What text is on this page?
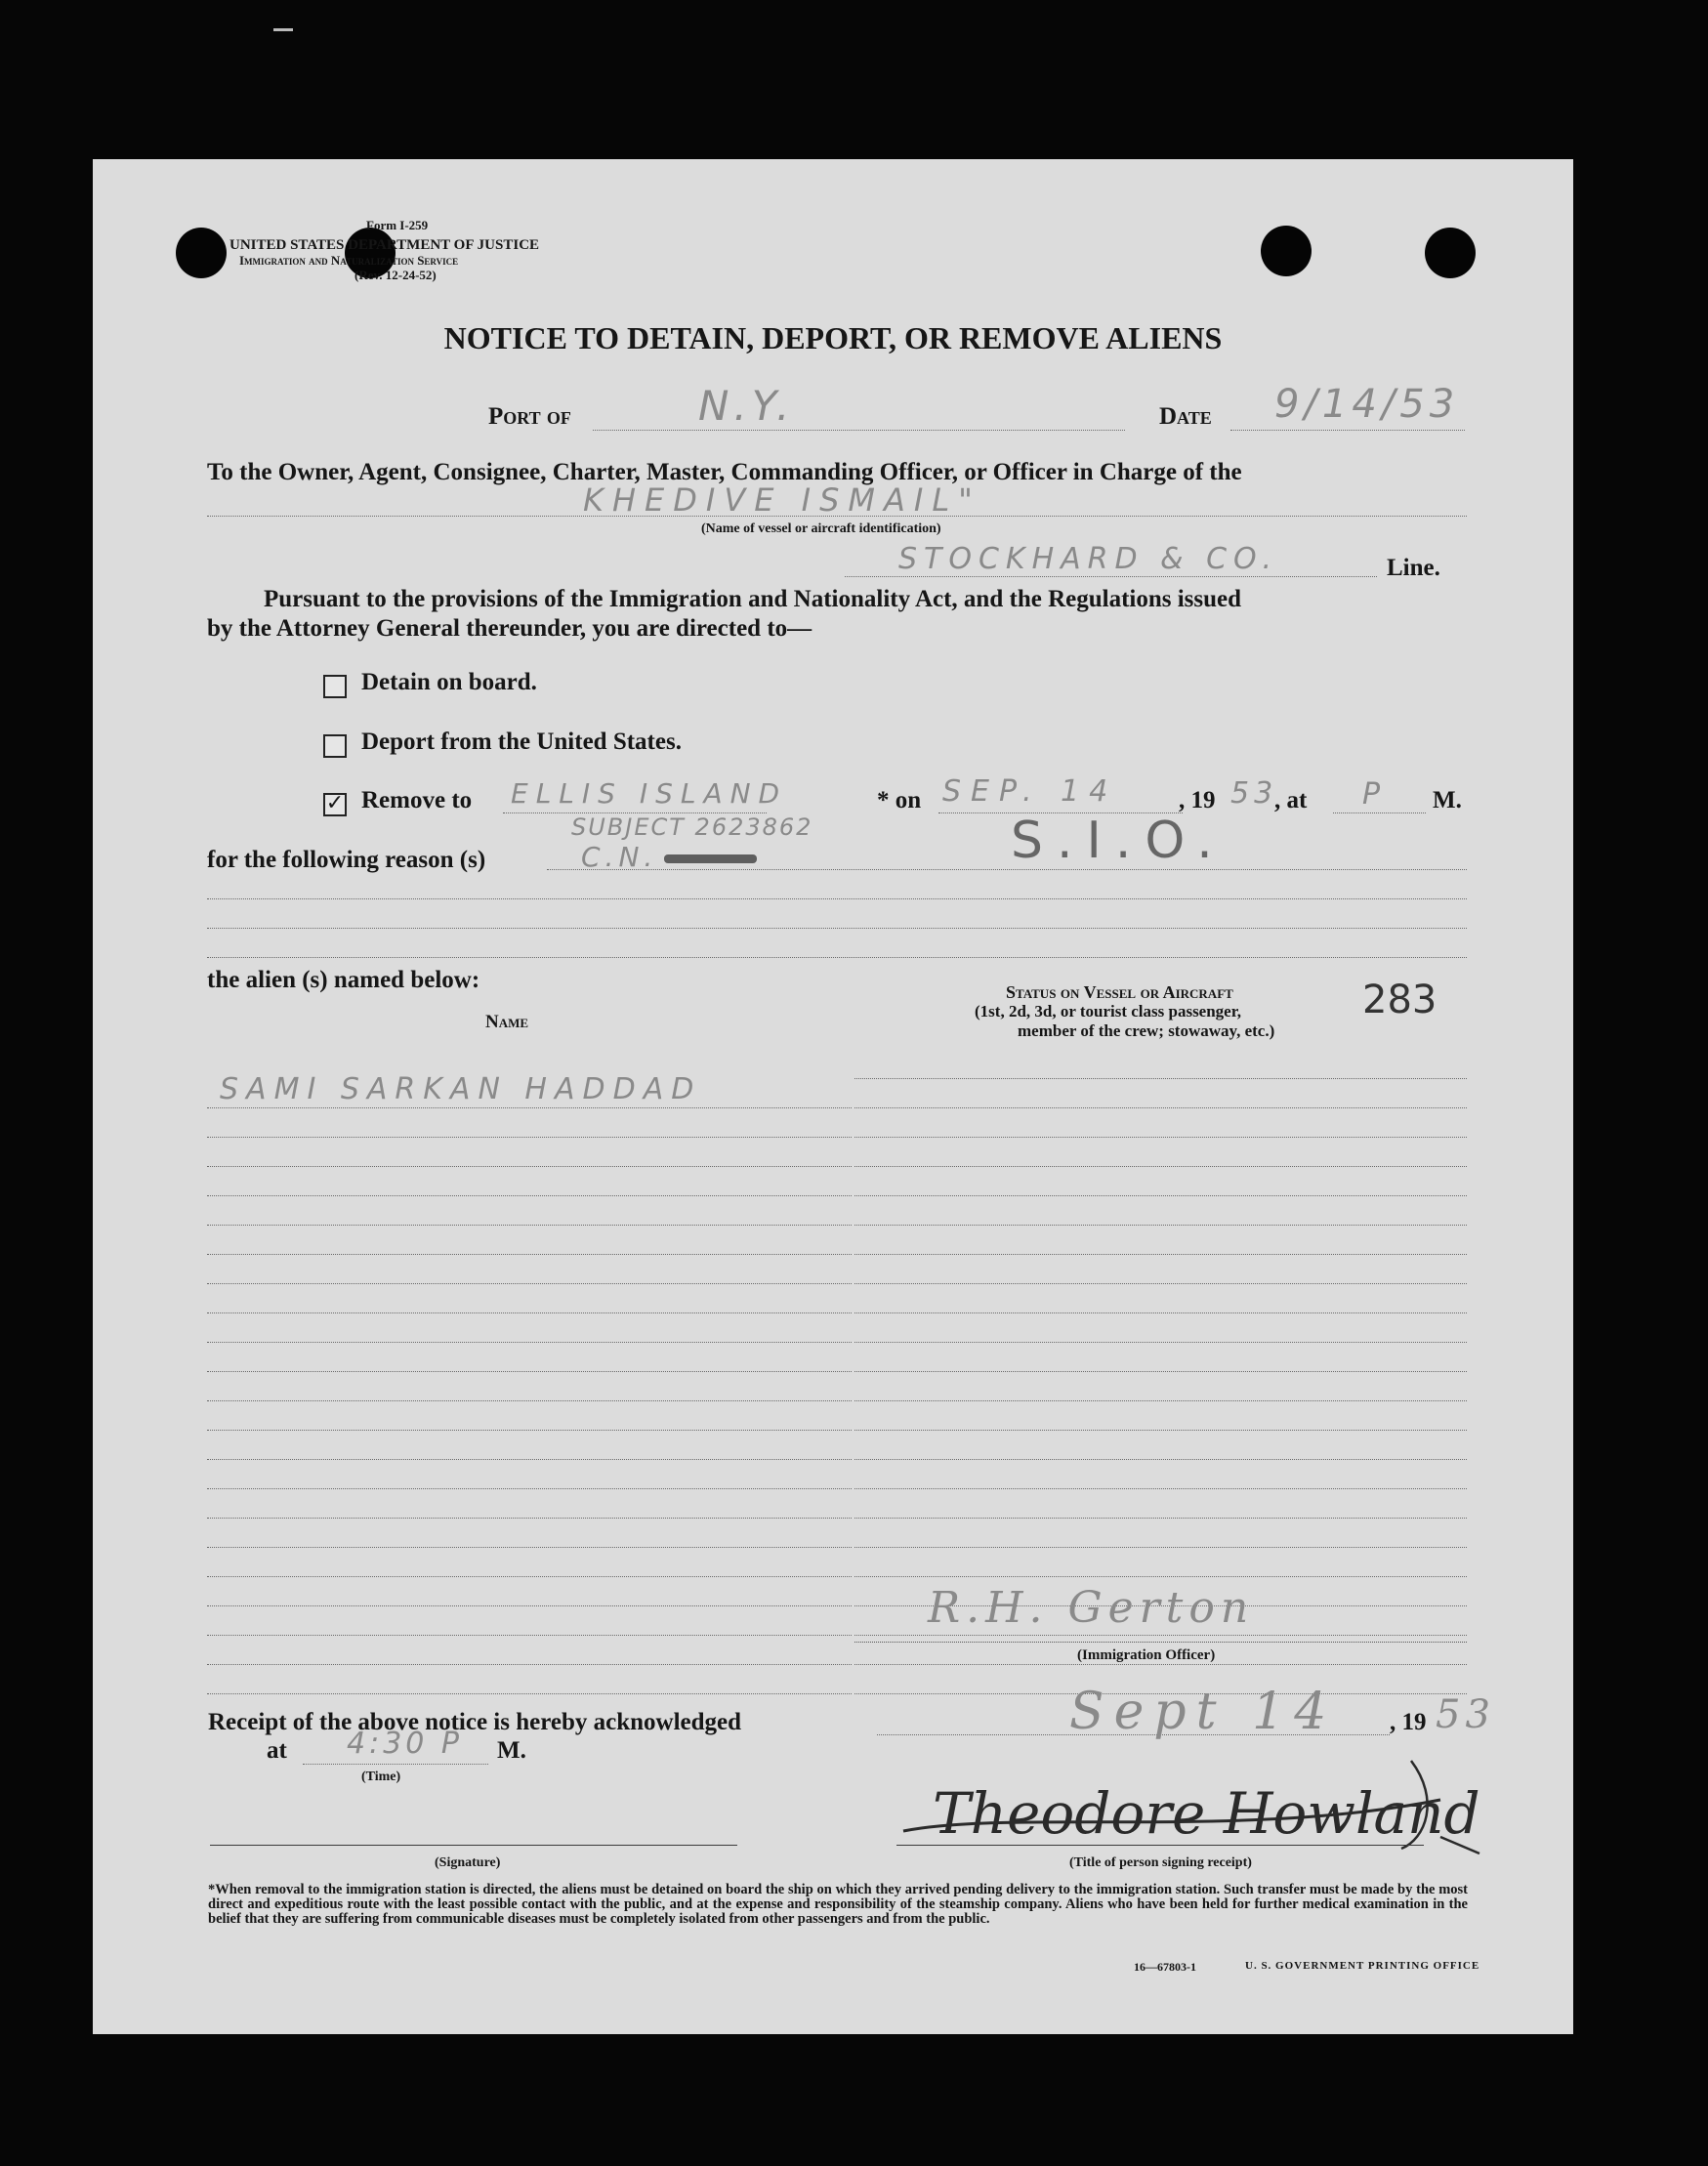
Form I-259
UNITED STATES DEPARTMENT OF JUSTICE
Immigration and Naturalization Service
(Rev. 12-24-52)
NOTICE TO DETAIN, DEPORT, OR REMOVE ALIENS
Port of	N.Y.	Date 9/14/53
To the Owner, Agent, Consignee, Charter, Master, Commanding Officer, or Officer in Charge of the
KHEDIVE ISMAIL"
(Name of vessel or aircraft identification)
STOCKHARD & CO.	Line.
Pursuant to the provisions of the Immigration and Nationality Act, and the Regulations issued
by the Attorney General thereunder, you are directed to—
Detain on board.
Deport from the United States.
✓ Remove to ELLIS ISLAND	* on SEP. 14	, 19 53
, at P M.
for the following reason (s)
SUBJECT 2623862
C.N.	S.I.O.
the alien (s) named below:
Name
Status on Vessel or Aircraft
(1st, 2d, 3d, or tourist class passenger,
member of the crew; stowaway, etc.)
283
SAMI SARKAN HADDAD
R.H. Gerton
(Immigration Officer)
Receipt of the above notice is hereby acknowledged	Sept 14 , 19 53
at 4:30 P M.
(Time)
(Signature)
Theodore Howland
(Title of person signing receipt)
*When removal to the immigration station is directed, the aliens must be detained on board the ship on which they arrived pending delivery to the immigration station. Such transfer must be made by the most direct and expeditious route with the least possible contact with the public, and at the expense and responsibility of the steamship company. Aliens who have been held for further medical examination in the belief that they are suffering from communicable diseases must be completely isolated from other passengers and from the public.
16—67803-1	U. S. GOVERNMENT PRINTING OFFICE
